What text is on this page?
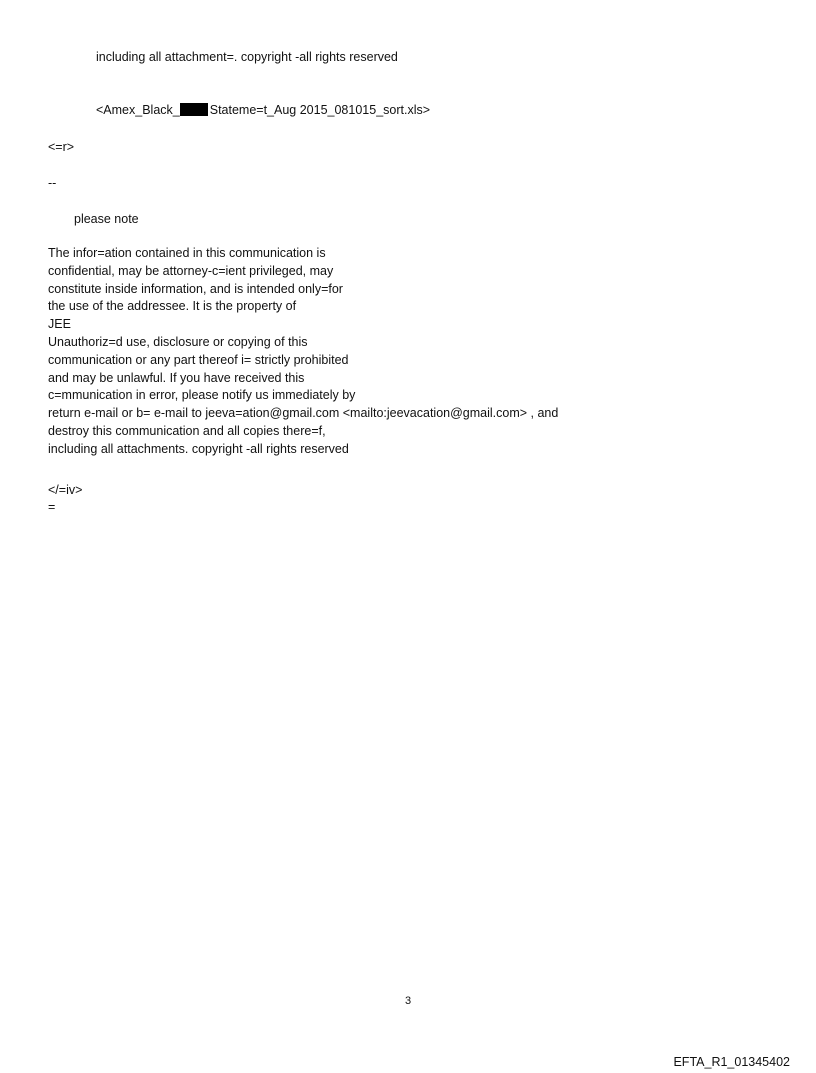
including all attachment=. copyright -all rights reserved
<Amex_Black_ Stateme=t_Aug 2015_081015_sort.xls>
<=r>
--
please note
The infor=ation contained in this communication is
confidential, may be attorney-c=ient privileged, may
constitute inside information, and is intended only=for
the use of the addressee. It is the property of
JEE
Unauthoriz=d use, disclosure or copying of this
communication or any part thereof i= strictly prohibited
and may be unlawful. If you have received this
c=mmunication in error, please notify us immediately by
return e-mail or b= e-mail to jeeva=ation@gmail.com <mailto:jeevacation@gmail.com> , and
destroy this communication and all copies there=f,
including all attachments. copyright -all rights reserved
</=iv>
=
3
EFTA_R1_01345402
